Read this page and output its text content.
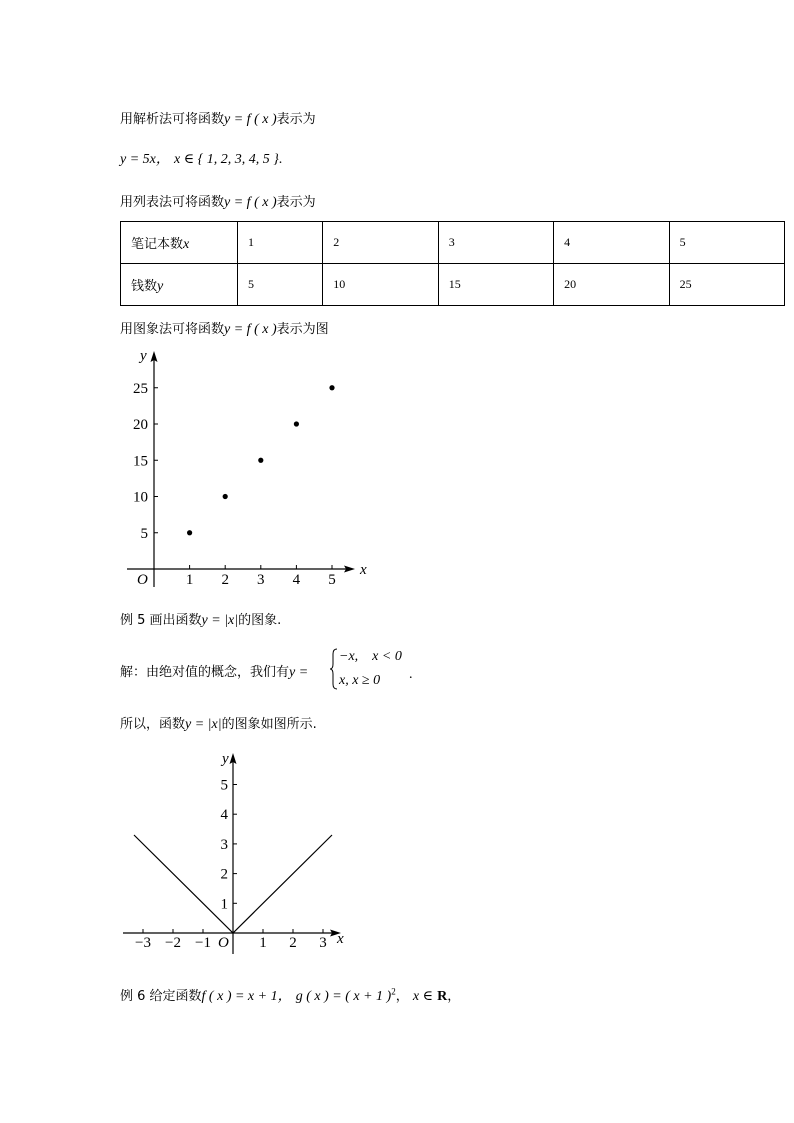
用解析法可将函数y = f ( x )表示为
y = 5x， x ∈ { 1, 2, 3, 4, 5 }.
用列表法可将函数y = f ( x )表示为
笔记本数x	1	2	3	4	5
钱数y	5	10	15	20	25
用图象法可将函数y = f ( x )表示为图
x
y
O	1 2 3 4 5
5
10
15
20
25
例 5 画出函数y = |x|的图象.
解：由绝对值的概念，我们有y =
−x,    x < 0
x, x ≥ 0 .
所以，函数y = |x|的图象如图所示.
x
y
O
−3 −2 −1	1 2 3
1
2
3
4
5
例 6 给定函数f ( x ) = x + 1， g ( x ) = ( x + 1 )$^2$， x ∈ R，
